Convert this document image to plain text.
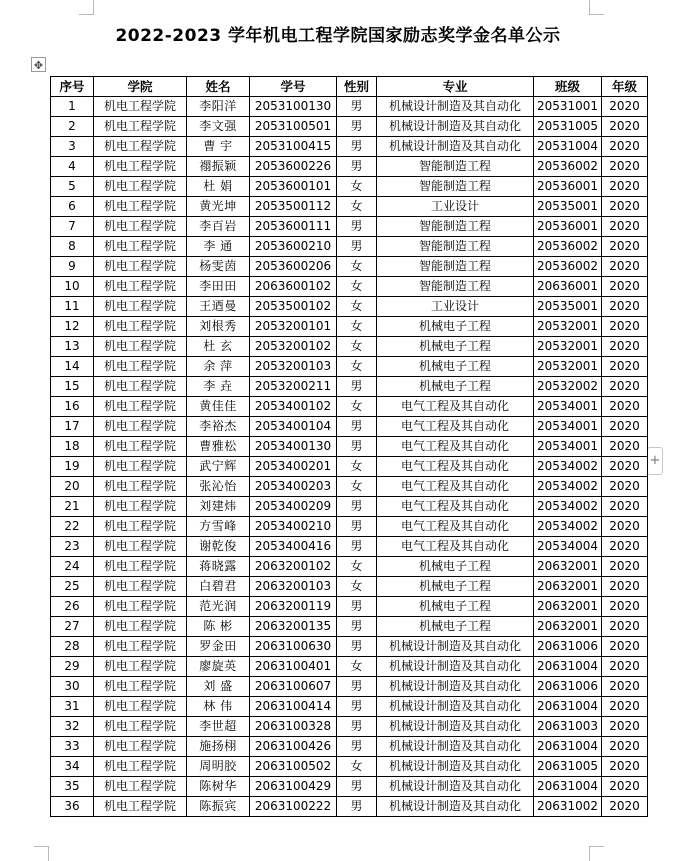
2022-2023 学年机电工程学院国家励志奖学金名单公示
✥
+
序号	学院	姓名	学号	性别	专业	班级	年级
1	机电工程学院	李阳洋	2053100130	男	机械设计制造及其自动化	20531001	2020
2	机电工程学院	李文强	2053100501	男	机械设计制造及其自动化	20531005	2020
3	机电工程学院	曹 宇	2053100415	男	机械设计制造及其自动化	20531004	2020
4	机电工程学院	禤振颖	2053600226	男	智能制造工程	20536002	2020
5	机电工程学院	杜 娟	2053600101	女	智能制造工程	20536001	2020
6	机电工程学院	黄光坤	2053500112	女	工业设计	20535001	2020
7	机电工程学院	李百岩	2053600111	男	智能制造工程	20536001	2020
8	机电工程学院	李 通	2053600210	男	智能制造工程	20536002	2020
9	机电工程学院	杨雯茵	2053600206	女	智能制造工程	20536002	2020
10	机电工程学院	李田田	2063600102	女	智能制造工程	20636001	2020
11	机电工程学院	王迺曼	2053500102	女	工业设计	20535001	2020
12	机电工程学院	刘根秀	2053200101	女	机械电子工程	20532001	2020
13	机电工程学院	杜 玄	2053200102	女	机械电子工程	20532001	2020
14	机电工程学院	余 萍	2053200103	女	机械电子工程	20532001	2020
15	机电工程学院	李 垚	2053200211	男	机械电子工程	20532002	2020
16	机电工程学院	黄佳佳	2053400102	女	电气工程及其自动化	20534001	2020
17	机电工程学院	李裕杰	2053400104	男	电气工程及其自动化	20534001	2020
18	机电工程学院	曹雅松	2053400130	男	电气工程及其自动化	20534001	2020
19	机电工程学院	武宁辉	2053400201	女	电气工程及其自动化	20534002	2020
20	机电工程学院	张沁怡	2053400203	女	电气工程及其自动化	20534002	2020
21	机电工程学院	刘建炜	2053400209	男	电气工程及其自动化	20534002	2020
22	机电工程学院	方雪峰	2053400210	男	电气工程及其自动化	20534002	2020
23	机电工程学院	谢乾俊	2053400416	男	电气工程及其自动化	20534004	2020
24	机电工程学院	蒋晓露	2063200102	女	机械电子工程	20632001	2020
25	机电工程学院	白碧君	2063200103	女	机械电子工程	20632001	2020
26	机电工程学院	范光润	2063200119	男	机械电子工程	20632001	2020
27	机电工程学院	陈 彬	2063200135	男	机械电子工程	20632001	2020
28	机电工程学院	罗金田	2063100630	男	机械设计制造及其自动化	20631006	2020
29	机电工程学院	廖旋英	2063100401	女	机械设计制造及其自动化	20631004	2020
30	机电工程学院	刘 盛	2063100607	男	机械设计制造及其自动化	20631006	2020
31	机电工程学院	林 伟	2063100414	男	机械设计制造及其自动化	20631004	2020
32	机电工程学院	李世超	2063100328	男	机械设计制造及其自动化	20631003	2020
33	机电工程学院	施扬栩	2063100426	男	机械设计制造及其自动化	20631004	2020
34	机电工程学院	周明胶	2063100502	女	机械设计制造及其自动化	20631005	2020
35	机电工程学院	陈树华	2063100429	男	机械设计制造及其自动化	20631004	2020
36	机电工程学院	陈振宾	2063100222	男	机械设计制造及其自动化	20631002	2020
